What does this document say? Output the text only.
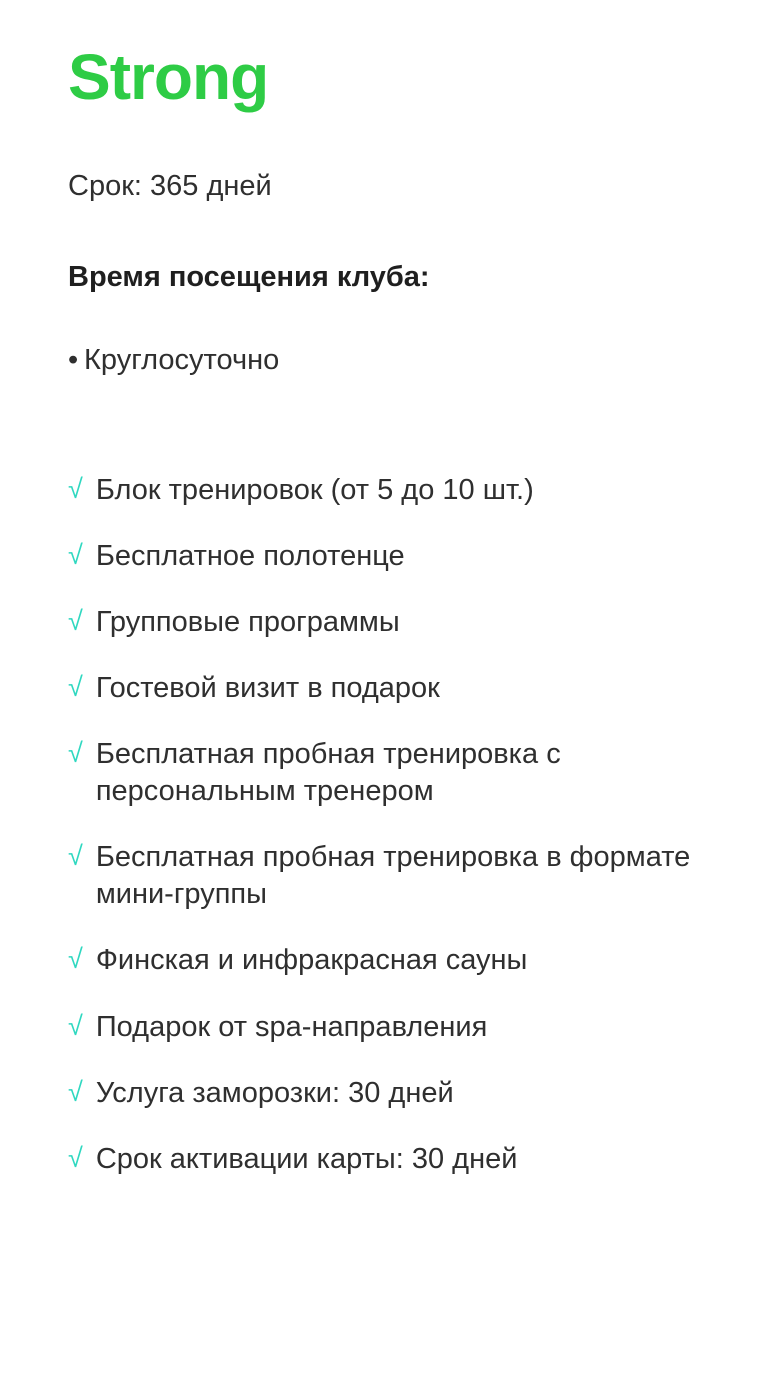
Strong

Срок: 365 дней

Время посещения клуба:

• Круглосуточно

√ Блок тренировок (от 5 до 10 шт.)
√ Бесплатное полотенце
√ Групповые программы
√ Гостевой визит в подарок
√ Бесплатная пробная тренировка с персональным тренером
√ Бесплатная пробная тренировка в формате мини-группы
√ Финская и инфракрасная сауны
√ Подарок от spa-направления
√ Услуга заморозки: 30 дней
√ Срок активации карты: 30 дней
